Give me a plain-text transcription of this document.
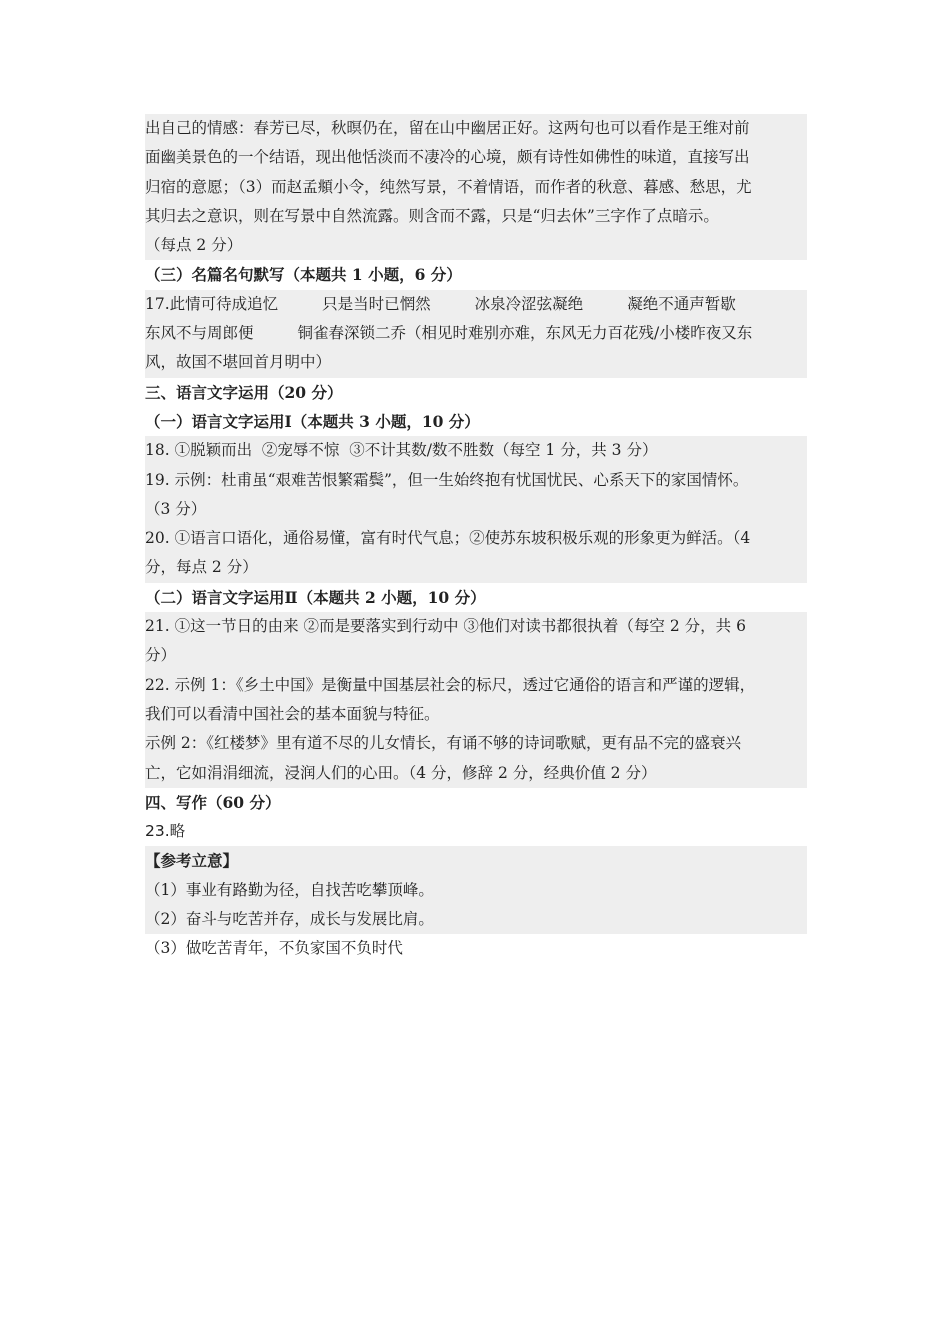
出自己的情感：春芳已尽，秋暝仍在，留在山中幽居正好。这两句也可以看作是王维对前
面幽美景色的一个结语，现出他恬淡而不凄冷的心境，颇有诗性如佛性的味道，直接写出
归宿的意愿；（3）而赵孟頫小令，纯然写景，不着情语，而作者的秋意、暮感、愁思，尤
其归去之意识，则在写景中自然流露。则含而不露，只是“归去休”三字作了点暗示。
（每点 2 分）
（三）名篇名句默写（本题共 1 小题，6 分）
17.此情可待成追忆	只是当时已惘然	冰泉冷涩弦凝绝	凝绝不通声暂歇
东风不与周郎便	铜雀春深锁二乔（相见时难别亦难，东风无力百花残/小楼昨夜又东
风，故国不堪回首月明中）
三、语言文字运用（20 分）
（一）语言文字运用Ⅰ（本题共 3 小题，10 分）
18. ①脱颖而出  ②宠辱不惊  ③不计其数/数不胜数（每空 1 分，共 3 分）
19. 示例：杜甫虽“艰难苦恨繁霜鬓”，但一生始终抱有忧国忧民、心系天下的家国情怀。
（3 分）
20. ①语言口语化，通俗易懂，富有时代气息；②使苏东坡积极乐观的形象更为鲜活。（4
分，每点 2 分）
（二）语言文字运用Ⅱ（本题共 2 小题，10 分）
21. ①这一节日的由来 ②而是要落实到行动中 ③他们对读书都很执着（每空 2 分，共 6
分）
22. 示例 1：《乡土中国》是衡量中国基层社会的标尺，透过它通俗的语言和严谨的逻辑，
我们可以看清中国社会的基本面貌与特征。
示例 2：《红楼梦》里有道不尽的儿女情长，有诵不够的诗词歌赋，更有品不完的盛衰兴
亡，它如涓涓细流，浸润人们的心田。（4 分，修辞 2 分，经典价值 2 分）
四、写作（60 分）
23.略
【参考立意】
（1）事业有路勤为径，自找苦吃攀顶峰。
（2）奋斗与吃苦并存，成长与发展比肩。
（3）做吃苦青年，不负家国不负时代
